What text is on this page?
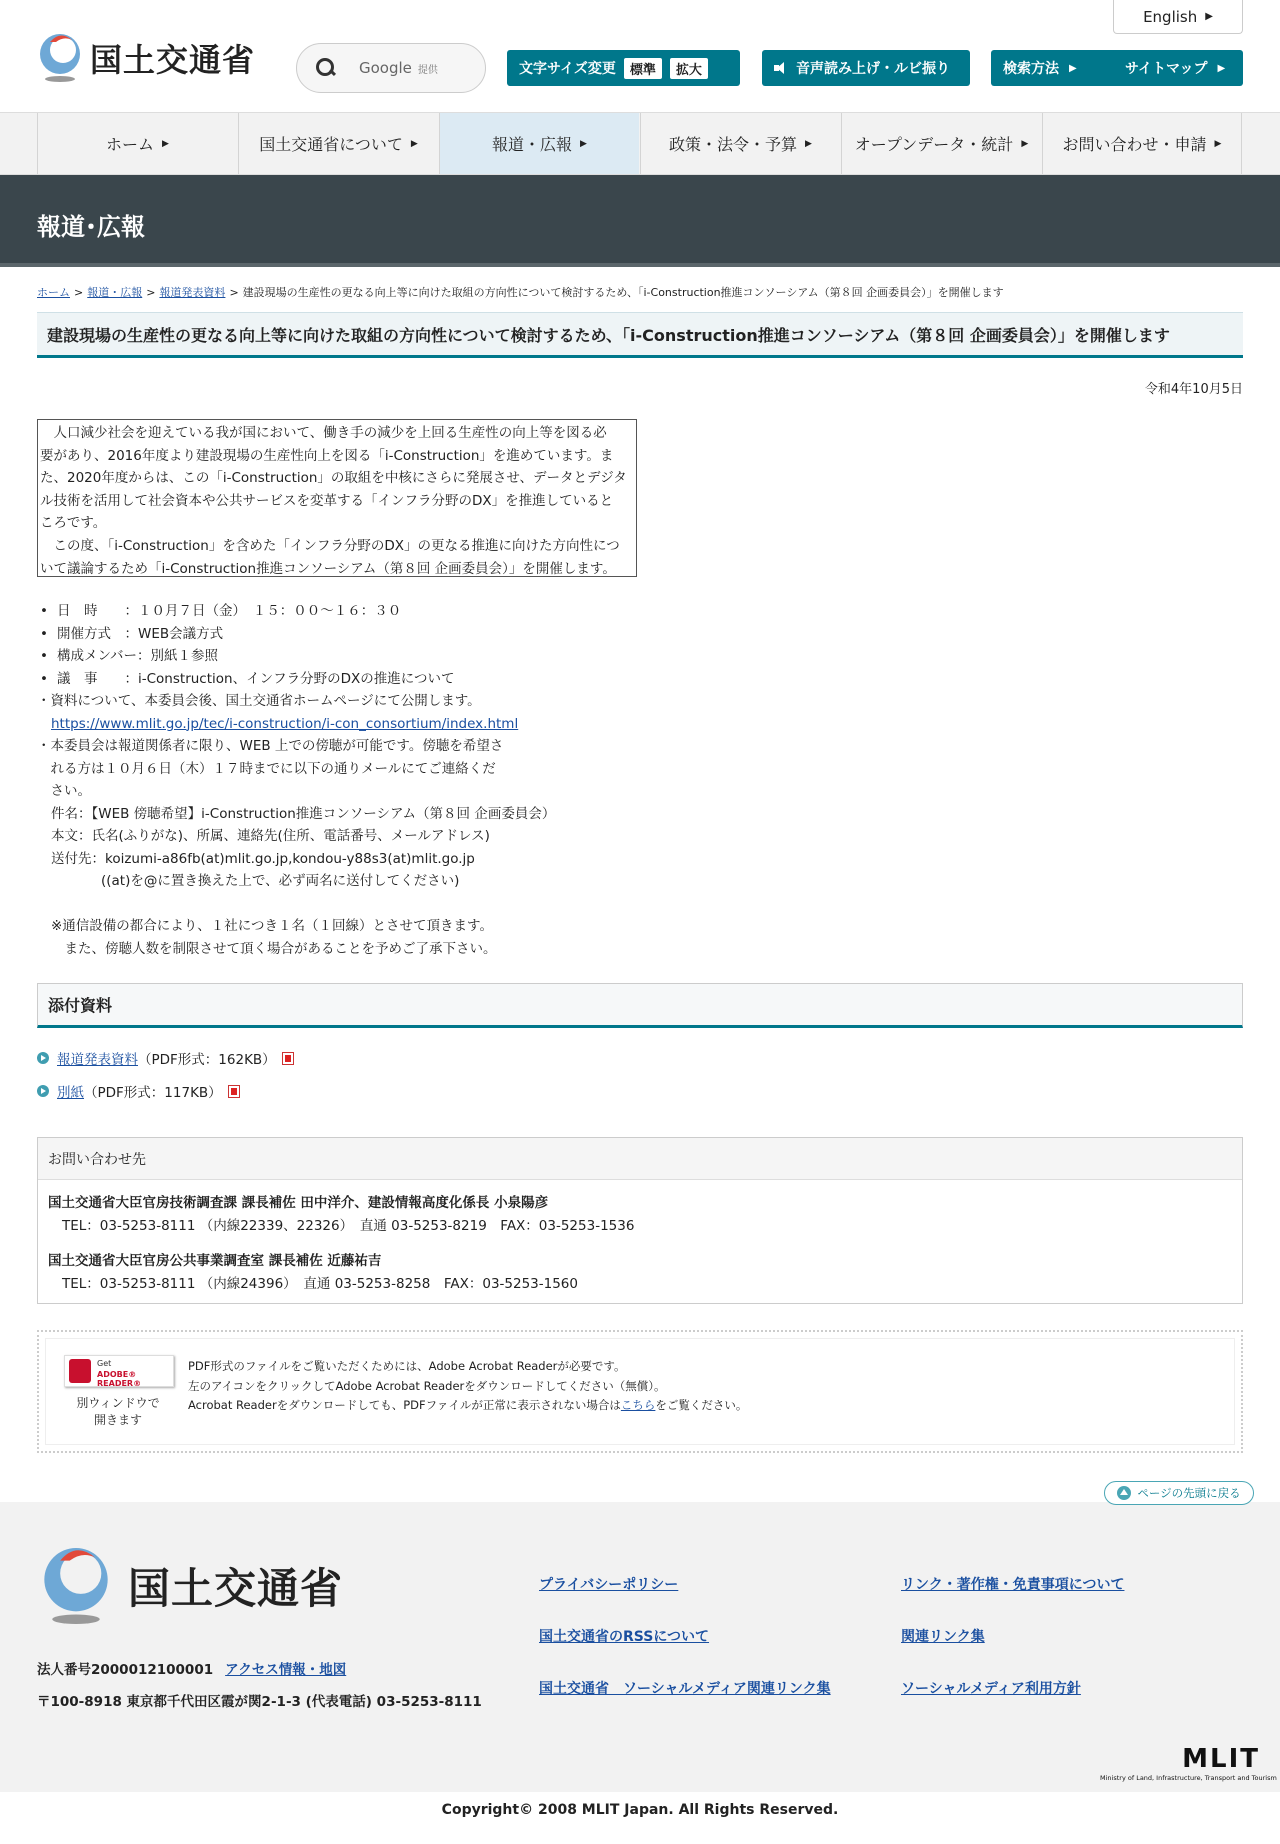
国土交通省
English ▶
Google 提供	文字サイズ変更	標準	拡大	音声読み上げ・ルビ振り	検索方法 ▶	サイトマップ ▶
ホーム ▶	国土交通省について ▶	報道・広報 ▶	政策・法令・予算 ▶	オープンデータ・統計 ▶ お問い合わせ・申請 ▶
報道･広報
ホーム > 報道・広報 > 報道発表資料 > 建設現場の生産性の更なる向上等に向けた取組の方向性について検討するため、「i-Construction推進コンソーシアム（第８回 企画委員会）」を開催します
建設現場の生産性の更なる向上等に向けた取組の方向性について検討するため、「i-Construction推進コンソーシアム（第８回 企画委員会）」を開催します
令和4年10月5日
　人口減少社会を迎えている我が国において、働き手の減少を上回る生産性の向上等を図る必
要があり、2016年度より建設現場の生産性向上を図る「i-Construction」を進めています。ま
た、2020年度からは、この「i-Construction」の取組を中核にさらに発展させ、データとデジタ
ル技術を活用して社会資本や公共サービスを変革する「インフラ分野のDX」を推進していると
ころです。
　この度、「i-Construction」を含めた「インフラ分野のDX」の更なる推進に向けた方向性につ
いて議論するため「i-Construction推進コンソーシアム（第８回 企画委員会）」を開催します。
• 日　時　　：１０月７日（金）　１５：００～１６：３０
• 開催方式　：WEB会議方式
• 構成メンバー：別紙１参照
• 議　事　　：i-Construction、インフラ分野のDXの推進について
・資料について、本委員会後、国土交通省ホームページにて公開します。
https://www.mlit.go.jp/tec/i-construction/i-con_consortium/index.html
・本委員会は報道関係者に限り、WEB 上での傍聴が可能です。傍聴を希望さ
　れる方は１０月６日（木）１７時までに以下の通りメールにてご連絡くだ
　さい。
件名：【WEB 傍聴希望】i-Construction推進コンソーシアム（第８回 企画委員会）
本文：氏名(ふりがな)、所属、連絡先(住所、電話番号、メールアドレス)
送付先：koizumi-a86fb(at)mlit.go.jp,kondou-y88s3(at)mlit.go.jp
((at)を@に置き換えた上で、必ず両名に送付してください)
※通信設備の都合により、１社につき１名（１回線）とさせて頂きます。
　また、傍聴人数を制限させて頂く場合があることを予めご了承下さい。
添付資料
報道発表資料 （PDF形式：162KB）
別紙 （PDF形式：117KB）
お問い合わせ先
国土交通省大臣官房技術調査課 課長補佐 田中洋介、建設情報高度化係長 小泉陽彦
TEL：03-5253-8111 （内線22339、22326）　直通 03-5253-8219　FAX：03-5253-1536
国土交通省大臣官房公共事業調査室 課長補佐 近藤祐吉
TEL：03-5253-8111 （内線24396）　直通 03-5253-8258　FAX：03-5253-1560
Get
ADOBE® READER®
別ウィンドウで
開きます
PDF形式のファイルをご覧いただくためには、Adobe Acrobat Readerが必要です。
左のアイコンをクリックしてAdobe Acrobat Readerをダウンロードしてください（無償）。
Acrobat Readerをダウンロードしても、PDFファイルが正常に表示されない場合はこちらをご覧ください。
国土交通省
法人番号2000012100001 アクセス情報・地図
〒100-8918 東京都千代田区霞が関2-1-3 (代表電話) 03-5253-8111
プライバシーポリシー	リンク・著作権・免責事項について
国土交通省のRSSについて	関連リンク集
国土交通省　ソーシャルメディア関連リンク集	ソーシャルメディア利用方針
MLIT
Ministry of Land, Infrastructure, Transport and Tourism
ページの先頭に戻る
Copyright© 2008 MLIT Japan. All Rights Reserved.
